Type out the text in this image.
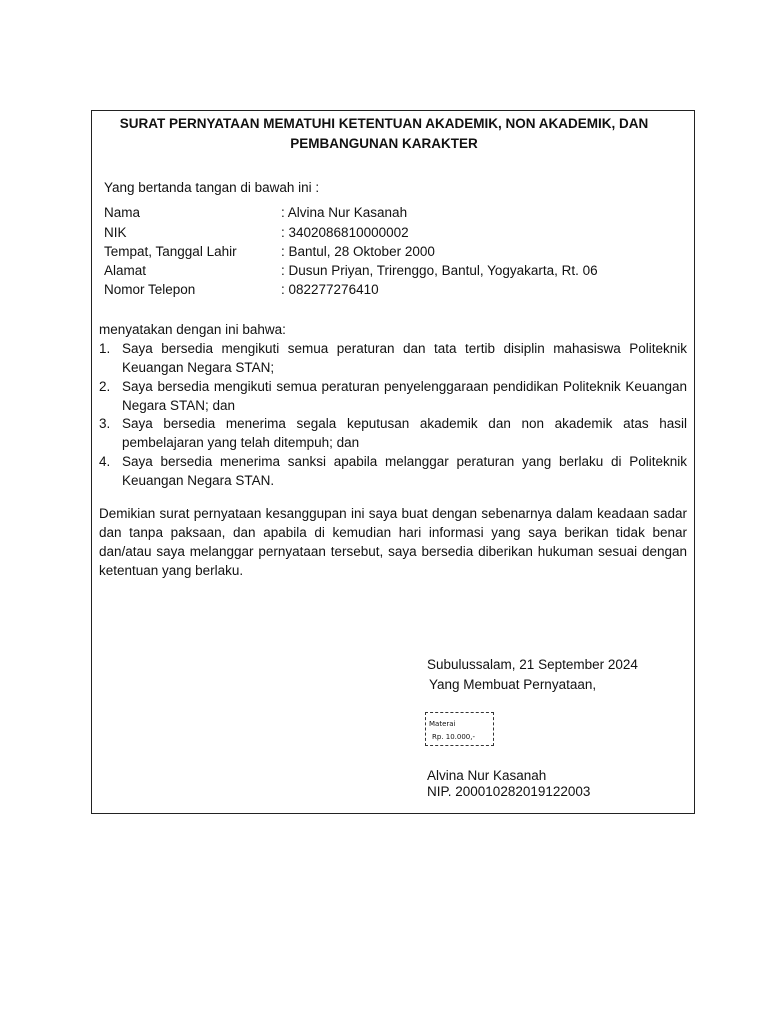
SURAT PERNYATAAN MEMATUHI KETENTUAN AKADEMIK, NON AKADEMIK, DAN
PEMBANGUNAN KARAKTER
Yang bertanda tangan di bawah ini :
Nama	: Alvina Nur Kasanah
NIK	: 3402086810000002
Tempat, Tanggal Lahir	: Bantul, 28 Oktober 2000
Alamat	: Dusun Priyan, Trirenggo, Bantul, Yogyakarta, Rt. 06
Nomor Telepon	: 082277276410
menyatakan dengan ini bahwa:
1. Saya bersedia mengikuti semua peraturan dan tata tertib disiplin mahasiswa Politeknik Keuangan Negara STAN;
2. Saya bersedia mengikuti semua peraturan penyelenggaraan pendidikan Politeknik Keuangan Negara STAN; dan
3. Saya bersedia menerima segala keputusan akademik dan non akademik atas hasil pembelajaran yang telah ditempuh; dan
4. Saya bersedia menerima sanksi apabila melanggar peraturan yang berlaku di Politeknik Keuangan Negara STAN.
Demikian surat pernyataan kesanggupan ini saya buat dengan sebenarnya dalam keadaan sadar dan tanpa paksaan, dan apabila di kemudian hari informasi yang saya berikan tidak benar dan/atau saya melanggar pernyataan tersebut, saya bersedia diberikan hukuman sesuai dengan ketentuan yang berlaku.
Subulussalam, 21 September 2024
Yang Membuat Pernyataan,
Materai
Rp. 10.000,-
Alvina Nur Kasanah
NIP. 200010282019122003
